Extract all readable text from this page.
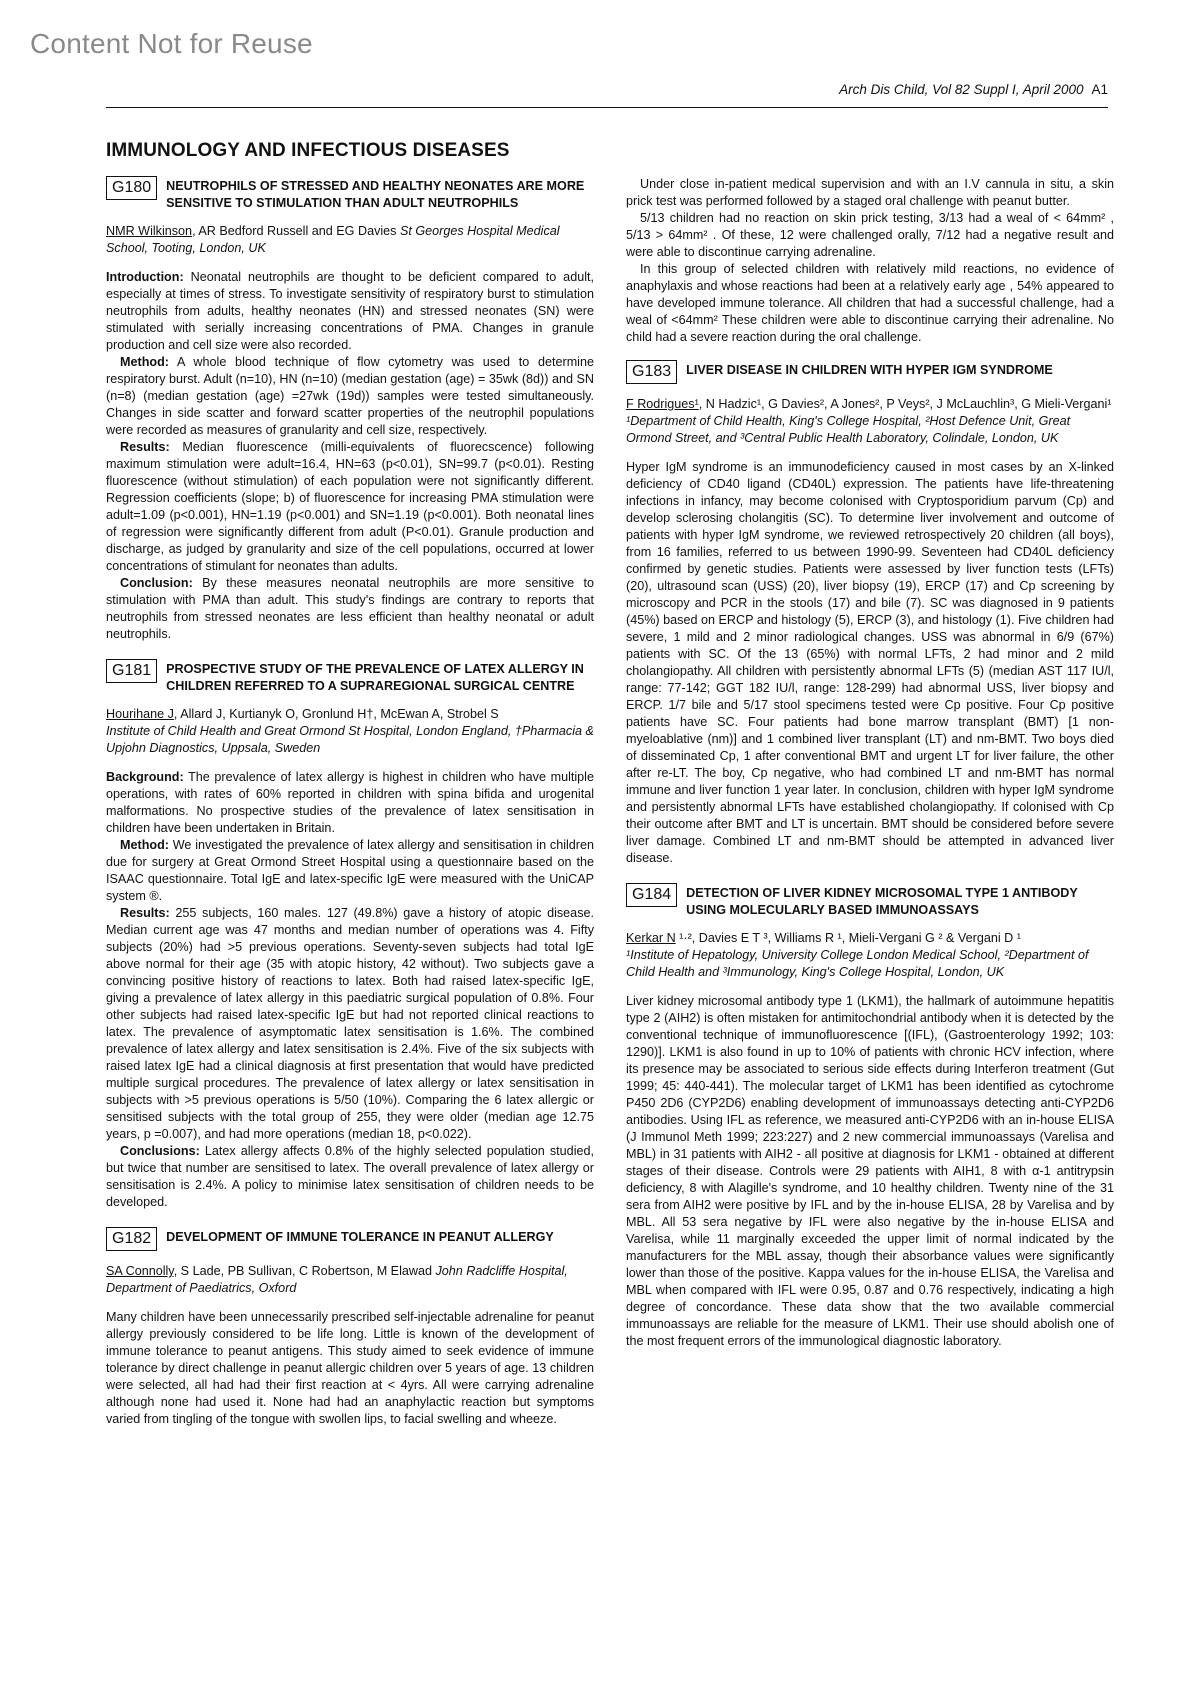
Content Not for Reuse
Arch Dis Child, Vol 82 Suppl I, April 2000 A1
IMMUNOLOGY AND INFECTIOUS DISEASES
G180	NEUTROPHILS OF STRESSED AND HEALTHY NEONATES ARE MORE SENSITIVE TO STIMULATION THAN ADULT NEUTROPHILS
NMR Wilkinson, AR Bedford Russell and EG Davies St Georges Hospital Medical School, Tooting, London, UK

Introduction: Neonatal neutrophils are thought to be deficient compared to adult, especially at times of stress. To investigate sensitivity of respiratory burst to stimulation neutrophils from adults, healthy neonates (HN) and stressed neonates (SN) were stimulated with serially increasing concentrations of PMA. Changes in granule production and cell size were also recorded.

Method: A whole blood technique of flow cytometry was used to determine respiratory burst. Adult (n=10), HN (n=10) (median gestation (age) = 35wk (8d)) and SN (n=8) (median gestation (age) =27wk (19d)) samples were tested simultaneously. Changes in side scatter and forward scatter properties of the neutrophil populations were recorded as measures of granularity and cell size, respectively.

Results: Median fluorescence (milli-equivalents of fluorecscence) following maximum stimulation were adult=16.4, HN=63 (p<0.01), SN=99.7 (p<0.01). Resting fluorescence (without stimulation) of each population were not significantly different. Regression coefficients (slope; b) of fluorescence for increasing PMA stimulation were adult=1.09 (p<0.001), HN=1.19 (p<0.001) and SN=1.19 (p<0.001). Both neonatal lines of regression were significantly different from adult (P<0.01). Granule production and discharge, as judged by granularity and size of the cell populations, occurred at lower concentrations of stimulant for neonates than adults.

Conclusion: By these measures neonatal neutrophils are more sensitive to stimulation with PMA than adult. This study's findings are contrary to reports that neutrophils from stressed neonates are less efficient than healthy neonatal or adult neutrophils.

G181	PROSPECTIVE STUDY OF THE PREVALENCE OF LATEX ALLERGY IN CHILDREN REFERRED TO A SUPRAREGIONAL SURGICAL CENTRE
Hourihane J, Allard J, Kurtianyk O, Gronlund H†, McEwan A, Strobel S
Institute of Child Health and Great Ormond St Hospital, London England, †Pharmacia & Upjohn Diagnostics, Uppsala, Sweden

Background: The prevalence of latex allergy is highest in children who have multiple operations, with rates of 60% reported in children with spina bifida and urogenital malformations. No prospective studies of the prevalence of latex sensitisation in children have been undertaken in Britain.

Method: We investigated the prevalence of latex allergy and sensitisation in children due for surgery at Great Ormond Street Hospital using a questionnaire based on the ISAAC questionnaire. Total IgE and latex-specific IgE were measured with the UniCAP system ®.

Results: 255 subjects, 160 males. 127 (49.8%) gave a history of atopic disease. Median current age was 47 months and median number of operations was 4. Fifty subjects (20%) had >5 previous operations. Seventy-seven subjects had total IgE above normal for their age (35 with atopic history, 42 without). Two subjects gave a convincing positive history of reactions to latex. Both had raised latex-specific IgE, giving a prevalence of latex allergy in this paediatric surgical population of 0.8%. Four other subjects had raised latex-specific IgE but had not reported clinical reactions to latex. The prevalence of asymptomatic latex sensitisation is 1.6%. The combined prevalence of latex allergy and latex sensitisation is 2.4%. Five of the six subjects with raised latex IgE had a clinical diagnosis at first presentation that would have predicted multiple surgical procedures. The prevalence of latex allergy or latex sensitisation in subjects with >5 previous operations is 5/50 (10%). Comparing the 6 latex allergic or sensitised subjects with the total group of 255, they were older (median age 12.75 years, p =0.007), and had more operations (median 18, p<0.022).

Conclusions: Latex allergy affects 0.8% of the highly selected population studied, but twice that number are sensitised to latex. The overall prevalence of latex allergy or sensitisation is 2.4%. A policy to minimise latex sensitisation of children needs to be developed.

G182	DEVELOPMENT OF IMMUNE TOLERANCE IN PEANUT ALLERGY
SA Connolly, S Lade, PB Sullivan, C Robertson, M Elawad John Radcliffe Hospital, Department of Paediatrics, Oxford

Many children have been unnecessarily prescribed self-injectable adrenaline for peanut allergy previously considered to be life long. Little is known of the development of immune tolerance to peanut antigens. This study aimed to seek evidence of immune tolerance by direct challenge in peanut allergic children over 5 years of age. 13 children were selected, all had had their first reaction at < 4yrs. All were carrying adrenaline although none had used it. None had had an anaphylactic reaction but symptoms varied from tingling of the tongue with swollen lips, to facial swelling and wheeze.

Under close in-patient medical supervision and with an I.V cannula in situ, a skin prick test was performed followed by a staged oral challenge with peanut butter.

5/13 children had no reaction on skin prick testing, 3/13 had a weal of < 64mm² , 5/13 > 64mm² . Of these, 12 were challenged orally, 7/12 had a negative result and were able to discontinue carrying adrenaline.

In this group of selected children with relatively mild reactions, no evidence of anaphylaxis and whose reactions had been at a relatively early age , 54% appeared to have developed immune tolerance. All children that had a successful challenge, had a weal of <64mm² These children were able to discontinue carrying their adrenaline. No child had a severe reaction during the oral challenge.

G183	LIVER DISEASE IN CHILDREN WITH HYPER IGM SYNDROME
F Rodrigues¹, N Hadzic¹, G Davies², A Jones², P Veys², J McLauchlin³, G Mieli-Vergani¹ ¹Department of Child Health, King's College Hospital, ²Host Defence Unit, Great Ormond Street, and ³Central Public Health Laboratory, Colindale, London, UK

Hyper IgM syndrome is an immunodeficiency caused in most cases by an X-linked deficiency of CD40 ligand (CD40L) expression. The patients have life-threatening infections in infancy, may become colonised with Cryptosporidium parvum (Cp) and develop sclerosing cholangitis (SC). To determine liver involvement and outcome of patients with hyper IgM syndrome, we reviewed retrospectively 20 children (all boys), from 16 families, referred to us between 1990-99. Seventeen had CD40L deficiency confirmed by genetic studies. Patients were assessed by liver function tests (LFTs) (20), ultrasound scan (USS) (20), liver biopsy (19), ERCP (17) and Cp screening by microscopy and PCR in the stools (17) and bile (7). SC was diagnosed in 9 patients (45%) based on ERCP and histology (5), ERCP (3), and histology (1). Five children had severe, 1 mild and 2 minor radiological changes. USS was abnormal in 6/9 (67%) patients with SC. Of the 13 (65%) with normal LFTs, 2 had minor and 2 mild cholangiopathy. All children with persistently abnormal LFTs (5) (median AST 117 IU/l, range: 77-142; GGT 182 IU/l, range: 128-299) had abnormal USS, liver biopsy and ERCP. 1/7 bile and 5/17 stool specimens tested were Cp positive. Four Cp positive patients have SC. Four patients had bone marrow transplant (BMT) [1 non-myeloablative (nm)] and 1 combined liver transplant (LT) and nm-BMT. Two boys died of disseminated Cp, 1 after conventional BMT and urgent LT for liver failure, the other after re-LT. The boy, Cp negative, who had combined LT and nm-BMT has normal immune and liver function 1 year later. In conclusion, children with hyper IgM syndrome and persistently abnormal LFTs have established cholangiopathy. If colonised with Cp their outcome after BMT and LT is uncertain. BMT should be considered before severe liver damage. Combined LT and nm-BMT should be attempted in advanced liver disease.

G184	DETECTION OF LIVER KIDNEY MICROSOMAL TYPE 1 ANTIBODY USING MOLECULARLY BASED IMMUNOASSAYS
Kerkar N ¹·², Davies E T ³, Williams R ¹, Mieli-Vergani G ² & Vergani D ¹
¹Institute of Hepatology, University College London Medical School, ²Department of Child Health and ³Immunology, King's College Hospital, London, UK

Liver kidney microsomal antibody type 1 (LKM1), the hallmark of autoimmune hepatitis type 2 (AIH2) is often mistaken for antimitochondrial antibody when it is detected by the conventional technique of immunofluorescence [(IFL), (Gastroenterology 1992; 103: 1290)]. LKM1 is also found in up to 10% of patients with chronic HCV infection, where its presence may be associated to serious side effects during Interferon treatment (Gut 1999; 45: 440-441). The molecular target of LKM1 has been identified as cytochrome P450 2D6 (CYP2D6) enabling development of immunoassays detecting anti-CYP2D6 antibodies. Using IFL as reference, we measured anti-CYP2D6 with an in-house ELISA (J Immunol Meth 1999; 223:227) and 2 new commercial immunoassays (Varelisa and MBL) in 31 patients with AIH2 - all positive at diagnosis for LKM1 - obtained at different stages of their disease. Controls were 29 patients with AIH1, 8 with α-1 antitrypsin deficiency, 8 with Alagille's syndrome, and 10 healthy children. Twenty nine of the 31 sera from AIH2 were positive by IFL and by the in-house ELISA, 28 by Varelisa and by MBL. All 53 sera negative by IFL were also negative by the in-house ELISA and Varelisa, while 11 marginally exceeded the upper limit of normal indicated by the manufacturers for the MBL assay, though their absorbance values were significantly lower than those of the positive. Kappa values for the in-house ELISA, the Varelisa and MBL when compared with IFL were 0.95, 0.87 and 0.76 respectively, indicating a high degree of concordance. These data show that the two available commercial immunoassays are reliable for the measure of LKM1. Their use should abolish one of the most frequent errors of the immunological diagnostic laboratory.
